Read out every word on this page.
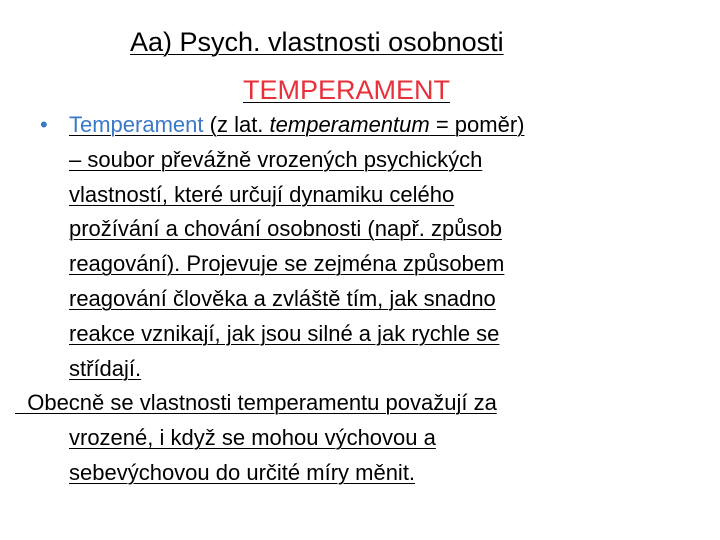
Aa) Psych. vlastnosti osobnosti
TEMPERAMENT
• Temperament (z lat. temperamentum = poměr)
– soubor převážně vrozených psychických
vlastností, které určují dynamiku celého
prožívání a chování osobnosti (např. způsob
reagování). Projevuje se zejména způsobem
reagování člověka a zvláště tím, jak snadno
reakce vznikají, jak jsou silné a jak rychle se
střídají.
Obecně se vlastnosti temperamentu považují za
vrozené, i když se mohou výchovou a
sebevýchovou do určité míry měnit.
